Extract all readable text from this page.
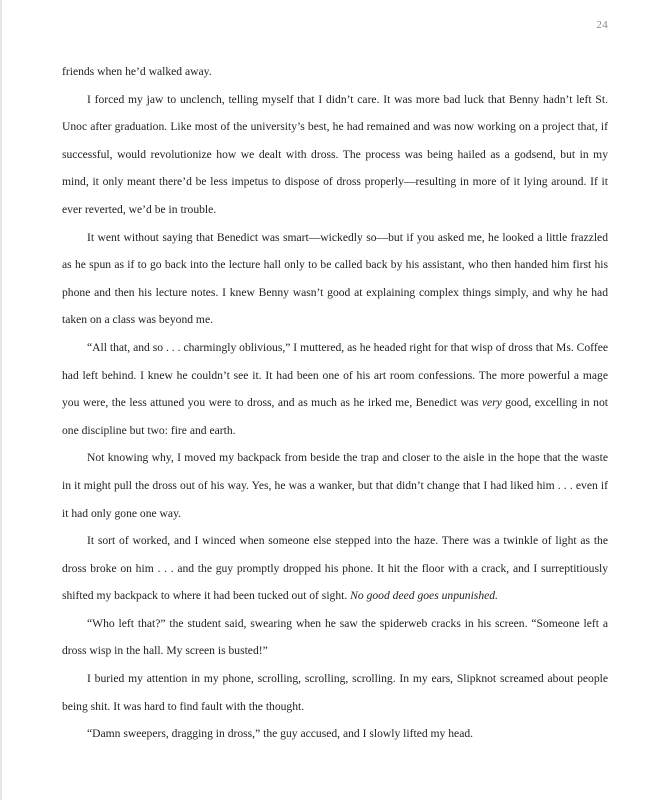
24

friends when he’d walked away.

I forced my jaw to unclench, telling myself that I didn’t care. It was more bad luck that Benny hadn’t left St. Unoc after graduation. Like most of the university’s best, he had remained and was now working on a project that, if successful, would revolutionize how we dealt with dross. The process was being hailed as a godsend, but in my mind, it only meant there’d be less impetus to dispose of dross properly—resulting in more of it lying around. If it ever reverted, we’d be in trouble.

It went without saying that Benedict was smart—wickedly so—but if you asked me, he looked a little frazzled as he spun as if to go back into the lecture hall only to be called back by his assistant, who then handed him first his phone and then his lecture notes. I knew Benny wasn’t good at explaining complex things simply, and why he had taken on a class was beyond me.

“All that, and so . . . charmingly oblivious,” I muttered, as he headed right for that wisp of dross that Ms. Coffee had left behind. I knew he couldn’t see it. It had been one of his art room confessions. The more powerful a mage you were, the less attuned you were to dross, and as much as he irked me, Benedict was very good, excelling in not one discipline but two: fire and earth.

Not knowing why, I moved my backpack from beside the trap and closer to the aisle in the hope that the waste in it might pull the dross out of his way. Yes, he was a wanker, but that didn’t change that I had liked him . . . even if it had only gone one way.

It sort of worked, and I winced when someone else stepped into the haze. There was a twinkle of light as the dross broke on him . . . and the guy promptly dropped his phone. It hit the floor with a crack, and I surreptitiously shifted my backpack to where it had been tucked out of sight. No good deed goes unpunished.

“Who left that?” the student said, swearing when he saw the spiderweb cracks in his screen. “Someone left a dross wisp in the hall. My screen is busted!”

I buried my attention in my phone, scrolling, scrolling, scrolling. In my ears, Slipknot screamed about people being shit. It was hard to find fault with the thought.

“Damn sweepers, dragging in dross,” the guy accused, and I slowly lifted my head.
